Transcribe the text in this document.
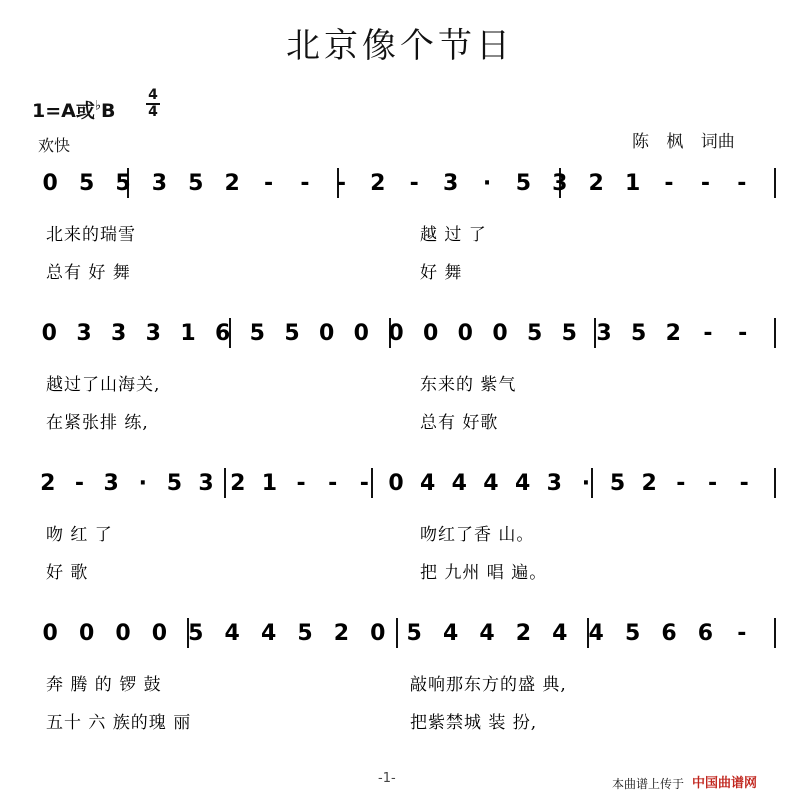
北京像个节日
1=A或♭B
4
4
欢快	陈 枫 词曲
0 5 5 3 5 2 - - - 2 - 3 · 5 3 2 1 - - -
北来的瑞雪	越 过 了
总有 好 舞	好 舞
0 3 3 3 1 6 5 5 0 0 0 0 0 0 5 5 3 5 2 - -
越过了山海关,	东来的 紫气
在紧张排 练,	总有 好歌
2 - 3 · 5 3 2 1 - - - 0 4 4 4 4 3 · 5 2 - - -
吻 红 了	吻红了香 山。
好 歌	把 九州 唱 遍。
0 0 0 0 5 4 4 5 2 0 5 4 4 2 4 4 5 6 6 -
奔 腾 的 锣 鼓	敲响那东方的盛 典,
五十 六 族的瑰 丽	把紫禁城 装 扮,
-1-	本曲谱上传于 中国曲谱网
